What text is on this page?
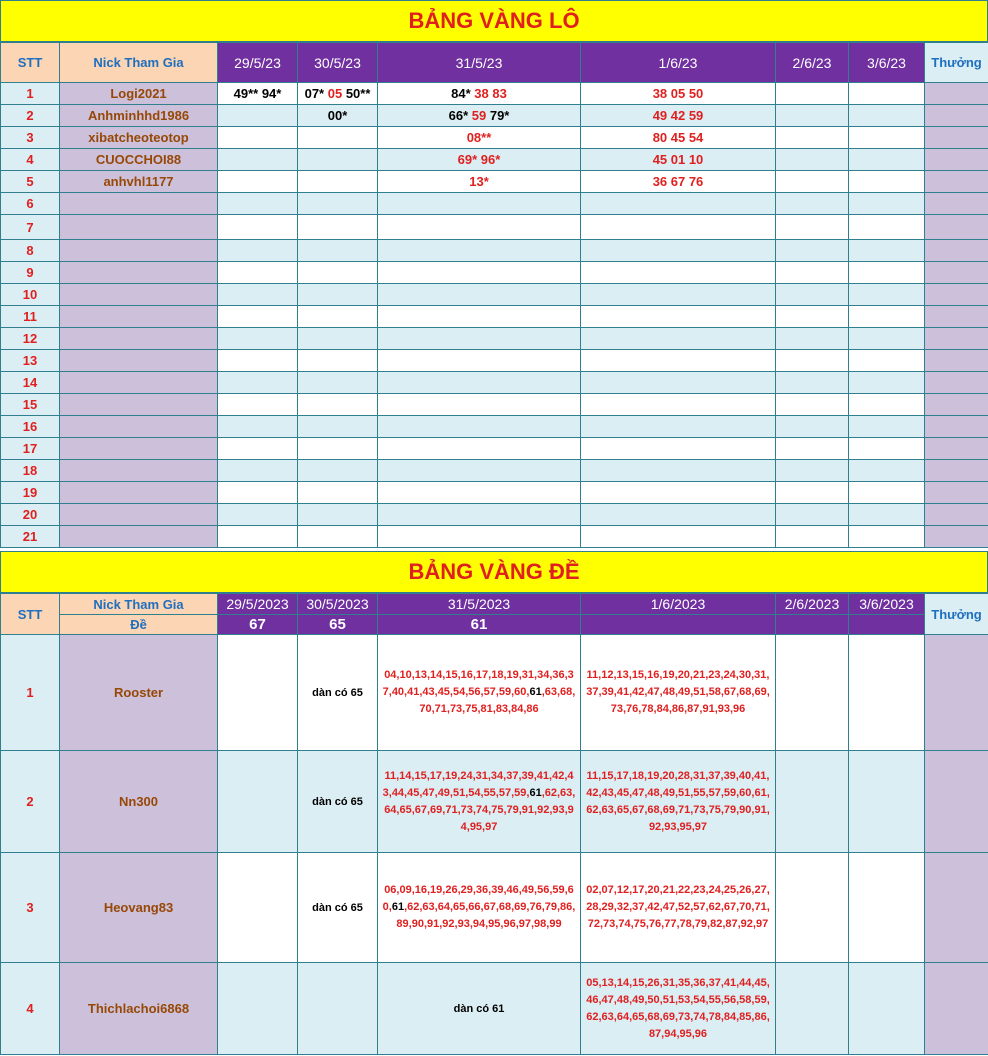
BẢNG VÀNG LÔ
STT	Nick Tham Gia	29/5/23	30/5/23	31/5/23	1/6/23	2/6/23	3/6/23	Thưởng
1	Logi2021	49** 94*	07* 05 50**	84* 38 83	38 05 50			
2	Anhminhhd1986		00*	66* 59 79*	49 42 59			
3	xibatcheoteotop			08**	80 45 54			
4	CUOCCHOI88			69* 96*	45 01 10			
5	anhvhl1177			13*	36 67 76			
6								
7								
8								
9								
10								
11								
12								
13								
14								
15								
16								
17								
18								
19								
20								
21								
BẢNG VÀNG ĐỀ
STT	Nick Tham Gia	29/5/2023	30/5/2023	31/5/2023	1/6/2023	2/6/2023	3/6/2023	Thưởng
	Đề	67	65	61				
1	Rooster		dàn có 65	04,10,13,14,15,16,17,18,19,31,34,36,37,40,41,43,45,54,56,57,59,60,61,63,68,70,71,73,75,81,83,84,86	11,12,13,15,16,19,20,21,23,24,30,31,37,39,41,42,47,48,49,51,58,67,68,69,73,76,78,84,86,87,91,93,96			
2	Nn300		dàn có 65	11,14,15,17,19,24,31,34,37,39,41,42,43,44,45,47,49,51,54,55,57,59,61,62,63,64,65,67,69,71,73,74,75,79,91,92,93,94,95,97	11,15,17,18,19,20,28,31,37,39,40,41,42,43,45,47,48,49,51,55,57,59,60,61,62,63,65,67,68,69,71,73,75,79,90,91,92,93,95,97			
3	Heovang83		dàn có 65	06,09,16,19,26,29,36,39,46,49,56,59,60,61,62,63,64,65,66,67,68,69,76,79,86,89,90,91,92,93,94,95,96,97,98,99	02,07,12,17,20,21,22,23,24,25,26,27,28,29,32,37,42,47,52,57,62,67,70,71,72,73,74,75,76,77,78,79,82,87,92,97			
4	Thichlachoi6868			dàn có 61	05,13,14,15,26,31,35,36,37,41,44,45,46,47,48,49,50,51,53,54,55,56,58,59,62,63,64,65,68,69,73,74,78,84,85,86,87,94,95,96			
